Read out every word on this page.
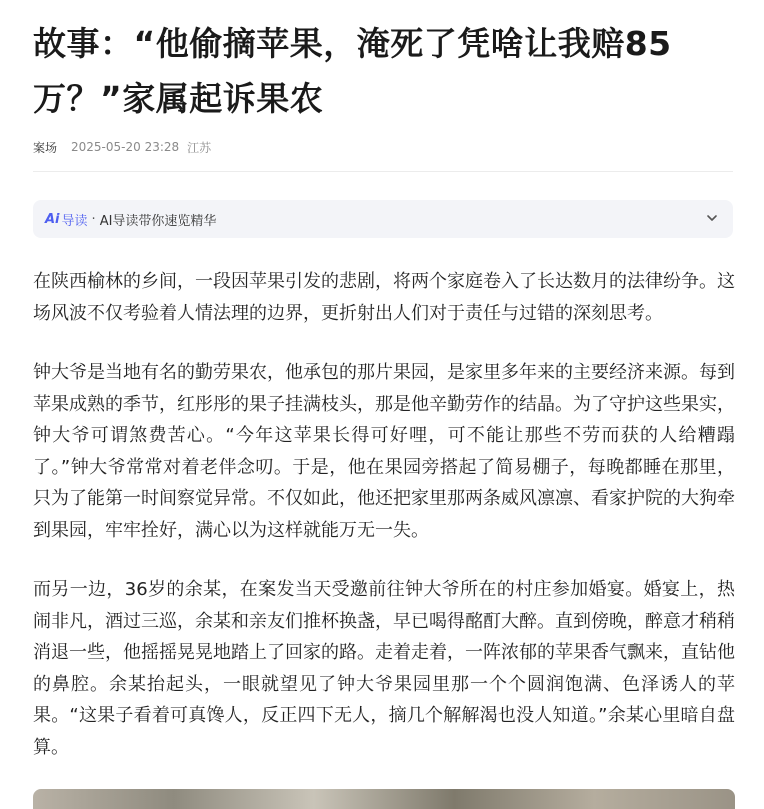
故事：“他偷摘苹果，淹死了凭啥让我赔85万？”家属起诉果农
案场 2025-05-20 23:28 江苏
Ai 导读 · AI导读带你速览精华

在陕西榆林的乡间，一段因苹果引发的悲剧，将两个家庭卷入了长达数月的法律纷争。这场风波不仅考验着人情法理的边界，更折射出人们对于责任与过错的深刻思考。

钟大爷是当地有名的勤劳果农，他承包的那片果园，是家里多年来的主要经济来源。每到苹果成熟的季节，红彤彤的果子挂满枝头，那是他辛勤劳作的结晶。为了守护这些果实，钟大爷可谓煞费苦心。“今年这苹果长得可好哩，可不能让那些不劳而获的人给糟蹋了。”钟大爷常常对着老伴念叨。于是，他在果园旁搭起了简易棚子，每晚都睡在那里，只为了能第一时间察觉异常。不仅如此，他还把家里那两条威风凛凛、看家护院的大狗牵到果园，牢牢拴好，满心以为这样就能万无一失。

而另一边，36岁的余某，在案发当天受邀前往钟大爷所在的村庄参加婚宴。婚宴上，热闹非凡，酒过三巡，余某和亲友们推杯换盏，早已喝得酩酊大醉。直到傍晚，醉意才稍稍消退一些，他摇摇晃晃地踏上了回家的路。走着走着，一阵浓郁的苹果香气飘来，直钻他的鼻腔。余某抬起头，一眼就望见了钟大爷果园里那一个个圆润饱满、色泽诱人的苹果。“这果子看着可真馋人，反正四下无人，摘几个解解渴也没人知道。”余某心里暗自盘算。
